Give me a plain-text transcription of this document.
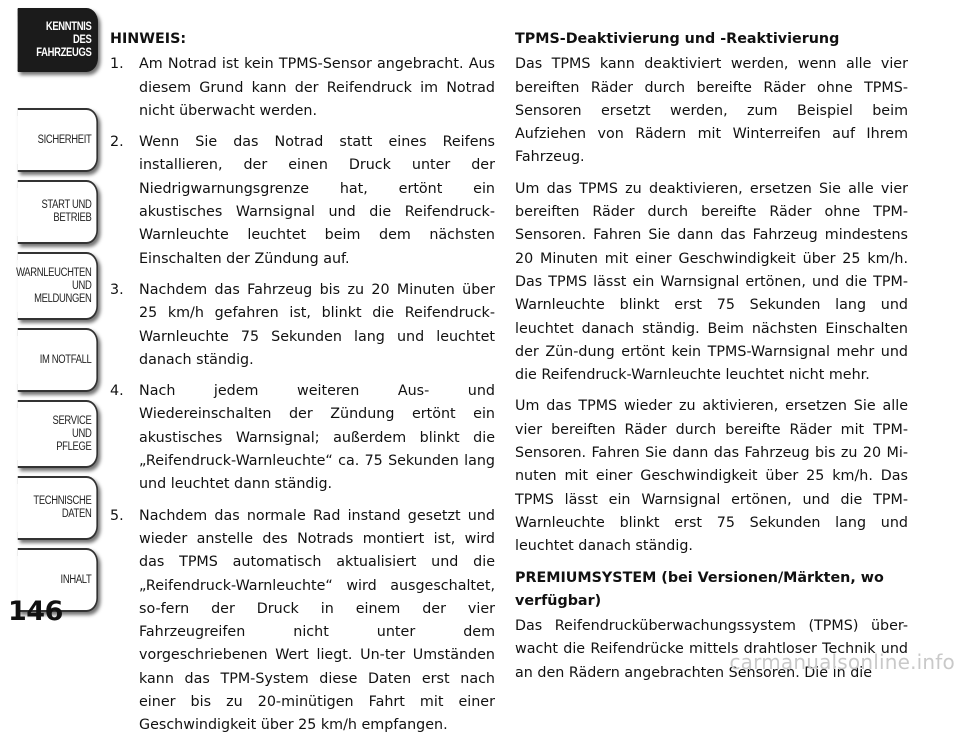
KENNTNIS
DES
FAHRZEUGS
SICHERHEIT
START UND
BETRIEB
WARNLEUCHTEN
UND
MELDUNGEN
IM NOTFALL
SERVICE
UND
PFLEGE
TECHNISCHE
DATEN
INHALT
146
HINWEIS:
1. Am Notrad ist kein TPMS-Sensor angebracht. Aus diesem Grund kann der Reifendruck im Notrad nicht überwacht werden.
2. Wenn Sie das Notrad statt eines Reifens installieren, der einen Druck unter der Niedrigwarnungsgrenze hat, ertönt ein akustisches Warnsignal und die Reifendruck-Warnleuchte leuchtet beim dem nächsten Einschalten der Zündung auf.
3. Nachdem das Fahrzeug bis zu 20 Minuten über 25 km/h gefahren ist, blinkt die Reifendruck-Warnleuchte 75 Sekunden lang und leuchtet danach ständig.
4. Nach jedem weiteren Aus- und Wiedereinschalten der Zündung ertönt ein akustisches Warnsignal; außerdem blinkt die „Reifendruck-Warnleuchte“ ca. 75 Sekunden lang und leuchtet dann ständig.
5. Nachdem das normale Rad instand gesetzt und wieder anstelle des Notrads montiert ist, wird das TPMS automatisch aktualisiert und die „Reifendruck-Warnleuchte“ wird ausgeschaltet, so-fern der Druck in einem der vier Fahrzeugreifen nicht unter dem vorgeschriebenen Wert liegt. Un-ter Umständen kann das TPM-System diese Daten erst nach einer bis zu 20-minütigen Fahrt mit einer Geschwindigkeit über 25 km/h empfangen.
TPMS-Deaktivierung und -Reaktivierung

Das TPMS kann deaktiviert werden, wenn alle vier bereiften Räder durch bereifte Räder ohne TPMS-Sensoren ersetzt werden, zum Beispiel beim Aufziehen von Rädern mit Winterreifen auf Ihrem Fahrzeug.

Um das TPMS zu deaktivieren, ersetzen Sie alle vier bereiften Räder durch bereifte Räder ohne TPM-Sensoren. Fahren Sie dann das Fahrzeug mindestens 20 Minuten mit einer Geschwindigkeit über 25 km/h. Das TPMS lässt ein Warnsignal ertönen, und die TPM-Warnleuchte blinkt erst 75 Sekunden lang und leuchtet danach ständig. Beim nächsten Einschalten der Zün-dung ertönt kein TPMS-Warnsignal mehr und die Reifendruck-Warnleuchte leuchtet nicht mehr.

Um das TPMS wieder zu aktivieren, ersetzen Sie alle vier bereiften Räder durch bereifte Räder mit TPM-Sensoren. Fahren Sie dann das Fahrzeug bis zu 20 Mi-nuten mit einer Geschwindigkeit über 25 km/h. Das TPMS lässt ein Warnsignal ertönen, und die TPM-Warnleuchte blinkt erst 75 Sekunden lang und leuchtet danach ständig.

PREMIUMSYSTEM (bei Versionen/Märkten, wo verfügbar)

Das Reifendrucküberwachungssystem (TPMS) über-wacht die Reifendrücke mittels drahtloser Technik und an den Rädern angebrachten Sensoren. Die in die

carmanualsonline.info
